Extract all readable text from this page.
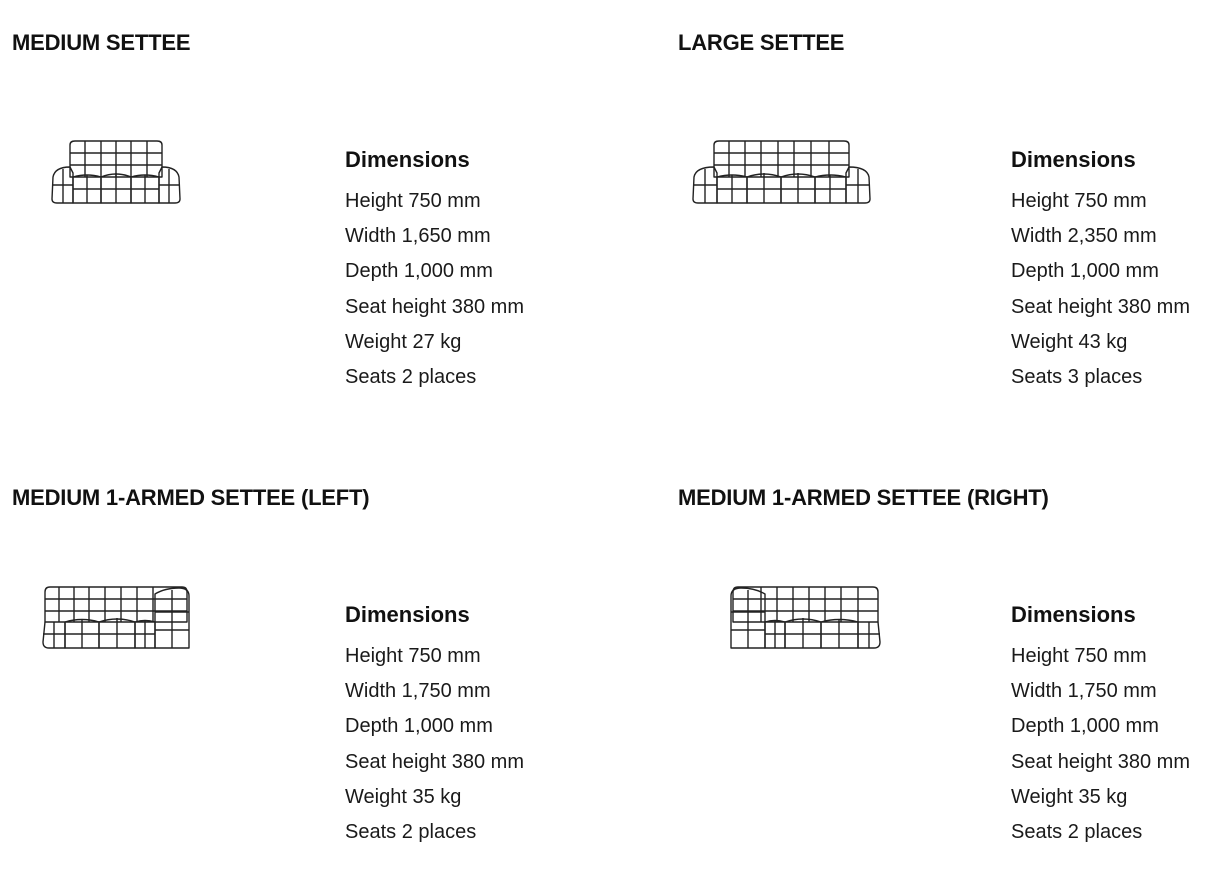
MEDIUM SETTEE
Dimensions
Height 750 mm
Width 1,650 mm
Depth 1,000 mm
Seat height 380 mm
Weight 27 kg
Seats 2 places
LARGE SETTEE
Dimensions
Height 750 mm
Width 2,350 mm
Depth 1,000 mm
Seat height 380 mm
Weight 43 kg
Seats 3 places
MEDIUM 1-ARMED SETTEE (LEFT)
Dimensions
Height 750 mm
Width 1,750 mm
Depth 1,000 mm
Seat height 380 mm
Weight 35 kg
Seats 2 places
MEDIUM 1-ARMED SETTEE (RIGHT)
Dimensions
Height 750 mm
Width 1,750 mm
Depth 1,000 mm
Seat height 380 mm
Weight 35 kg
Seats 2 places
